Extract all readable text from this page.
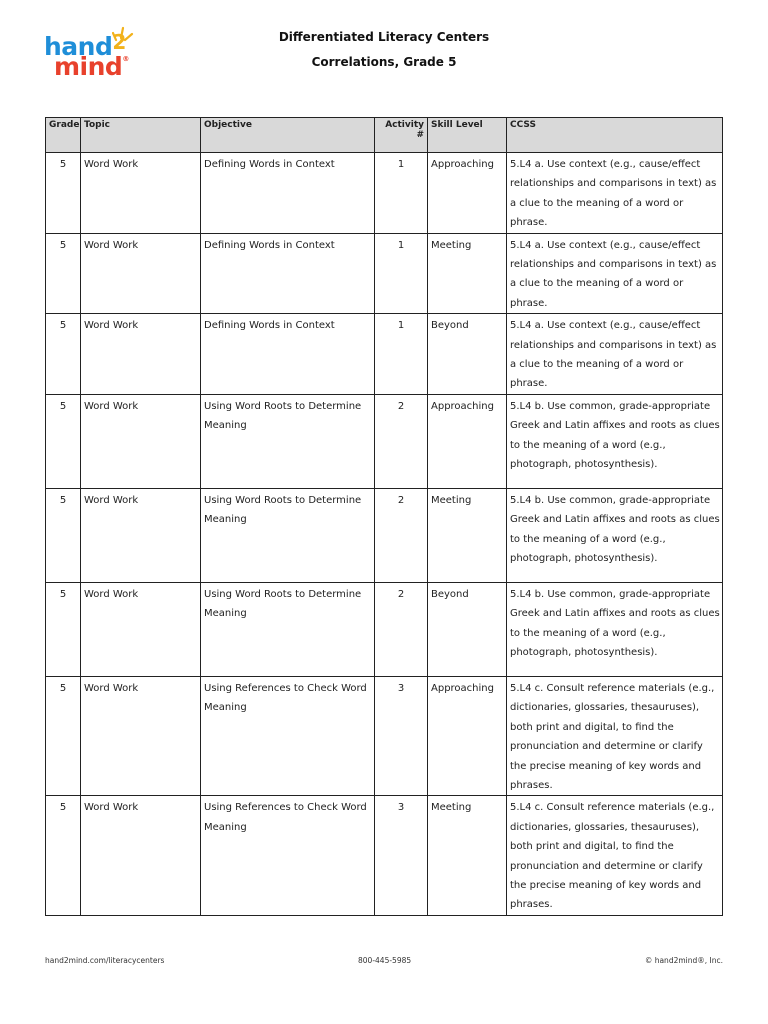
hand$^2$
mind®
Differentiated Literacy Centers
Correlations, Grade 5
Grade	Topic	Objective	Activity #	Skill Level	CCSS
5	Word Work	Defining Words in Context	1	Approaching	5.L4 a. Use context (e.g., cause/effect relationships and comparisons in text) as a clue to the meaning of a word or phrase.
5	Word Work	Defining Words in Context	1	Meeting	5.L4 a. Use context (e.g., cause/effect relationships and comparisons in text) as a clue to the meaning of a word or phrase.
5	Word Work	Defining Words in Context	1	Beyond	5.L4 a. Use context (e.g., cause/effect relationships and comparisons in text) as a clue to the meaning of a word or phrase.
5	Word Work	Using Word Roots to Determine Meaning	2	Approaching	5.L4 b. Use common, grade-appropriate Greek and Latin affixes and roots as clues to the meaning of a word (e.g., photograph, photosynthesis).
5	Word Work	Using Word Roots to Determine Meaning	2	Meeting	5.L4 b. Use common, grade-appropriate Greek and Latin affixes and roots as clues to the meaning of a word (e.g., photograph, photosynthesis).
5	Word Work	Using Word Roots to Determine Meaning	2	Beyond	5.L4 b. Use common, grade-appropriate Greek and Latin affixes and roots as clues to the meaning of a word (e.g., photograph, photosynthesis).
5	Word Work	Using References to Check Word Meaning	3	Approaching	5.L4 c. Consult reference materials (e.g., dictionaries, glossaries, thesauruses), both print and digital, to find the pronunciation and determine or clarify the precise meaning of key words and phrases.
5	Word Work	Using References to Check Word Meaning	3	Meeting	5.L4 c. Consult reference materials (e.g., dictionaries, glossaries, thesauruses), both print and digital, to find the pronunciation and determine or clarify the precise meaning of key words and phrases.
hand2mind.com/literacycenters	800-445-5985	© hand2mind®, Inc.
